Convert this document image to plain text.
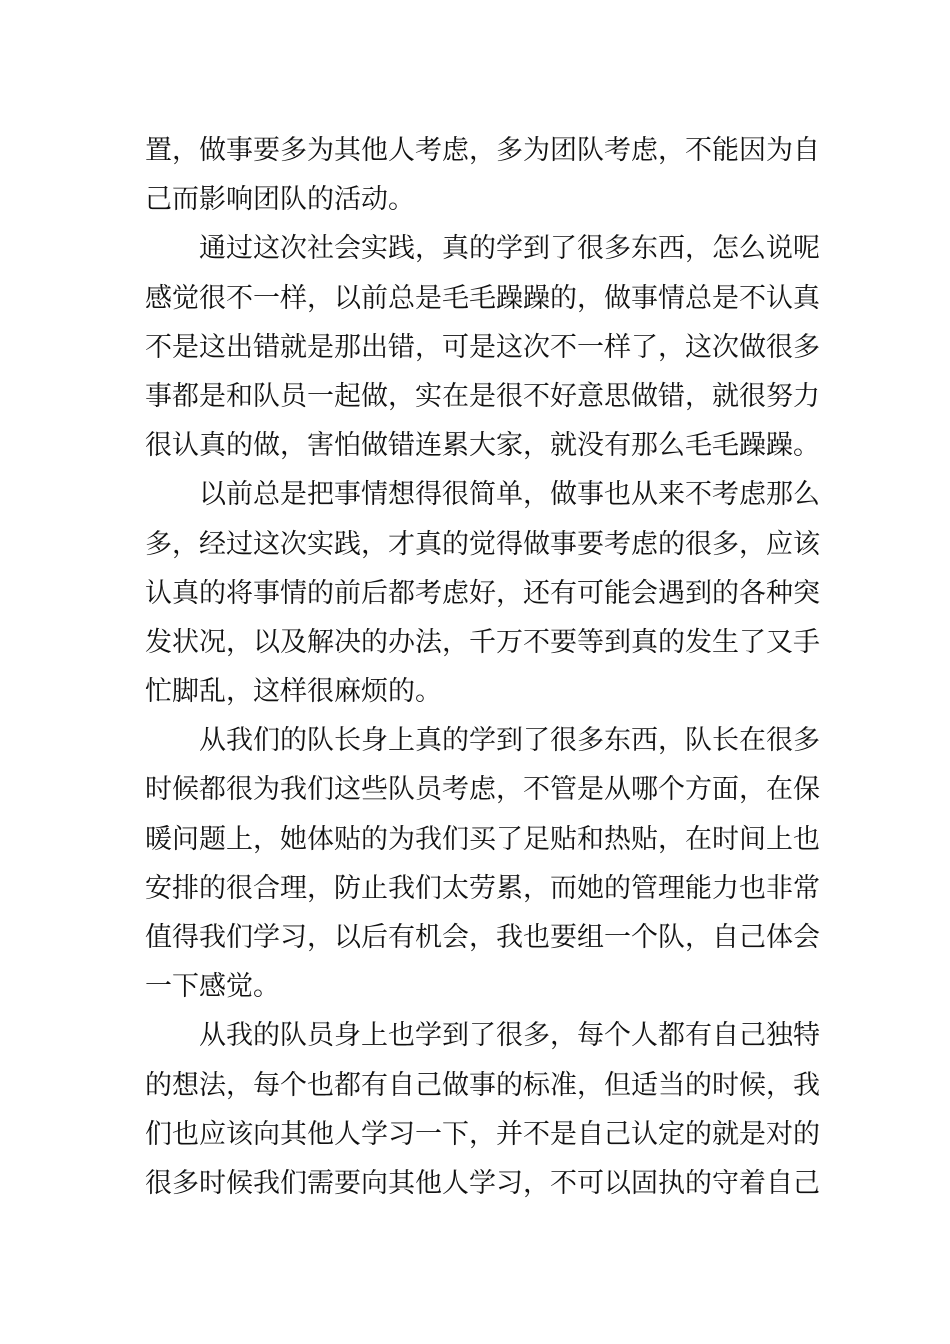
置，做事要多为其他人考虑，多为团队考虑，不能因为自
己而影响团队的活动。
通过这次社会实践，真的学到了很多东西，怎么说呢
感觉很不一样，以前总是毛毛躁躁的，做事情总是不认真
不是这出错就是那出错，可是这次不一样了，这次做很多
事都是和队员一起做，实在是很不好意思做错，就很努力
很认真的做，害怕做错连累大家，就没有那么毛毛躁躁。
以前总是把事情想得很简单，做事也从来不考虑那么
多，经过这次实践，才真的觉得做事要考虑的很多，应该
认真的将事情的前后都考虑好，还有可能会遇到的各种突
发状况，以及解决的办法，千万不要等到真的发生了又手
忙脚乱，这样很麻烦的。
从我们的队长身上真的学到了很多东西，队长在很多
时候都很为我们这些队员考虑，不管是从哪个方面，在保
暖问题上，她体贴的为我们买了足贴和热贴，在时间上也
安排的很合理，防止我们太劳累，而她的管理能力也非常
值得我们学习，以后有机会，我也要组一个队，自己体会
一下感觉。
从我的队员身上也学到了很多，每个人都有自己独特
的想法，每个也都有自己做事的标准，但适当的时候，我
们也应该向其他人学习一下，并不是自己认定的就是对的
很多时候我们需要向其他人学习，不可以固执的守着自己
